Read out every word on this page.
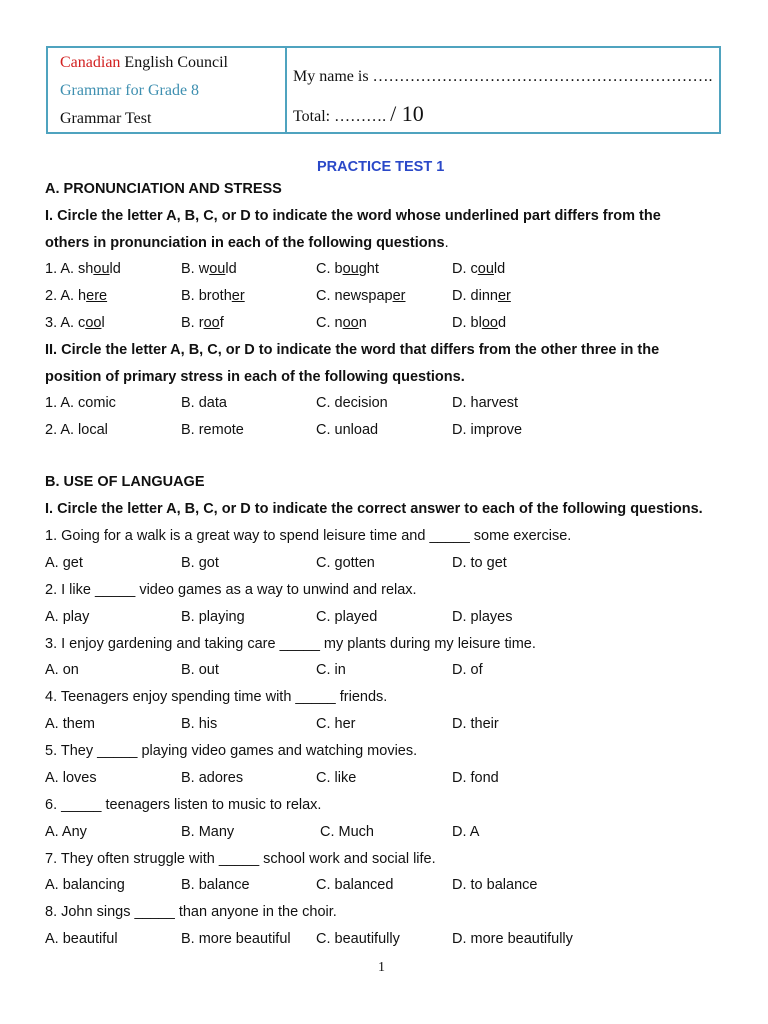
Canadian English Council
Grammar for Grade 8
Grammar Test
My name is ……………………………………………………….
Total: ………. / 10
PRACTICE TEST 1
A. PRONUNCIATION AND STRESS
I. Circle the letter A, B, C, or D to indicate the word whose underlined part differs from the
others in pronunciation in each of the following questions.
1. A. should	B. would	C. bought	D. could
2. A. here	B. brother	C. newspaper	D. dinner
3. A. cool	B. roof	C. noon	D. blood
II. Circle the letter A, B, C, or D to indicate the word that differs from the other three in the
position of primary stress in each of the following questions.
1. A. comic	B. data	C. decision	D. harvest
2. A. local	B. remote	C. unload	D. improve
B. USE OF LANGUAGE
I. Circle the letter A, B, C, or D to indicate the correct answer to each of the following questions.
1. Going for a walk is a great way to spend leisure time and _____ some exercise.
A. get	B. got	C. gotten	D. to get
2. I like _____ video games as a way to unwind and relax.
A. play	B. playing	C. played	D. playes
3. I enjoy gardening and taking care _____ my plants during my leisure time.
A. on	B. out	C. in	D. of
4. Teenagers enjoy spending time with _____ friends.
A. them	B. his	C. her	D. their
5. They _____ playing video games and watching movies.
A. loves	B. adores	C. like	D. fond
6. _____ teenagers listen to music to relax.
A. Any	B. Many	C. Much	D. A
7. They often struggle with _____ school work and social life.
A. balancing	B. balance	C. balanced	D. to balance
8. John sings _____ than anyone in the choir.
A. beautiful	B. more beautiful C. beautifully	D. more beautifully
1
